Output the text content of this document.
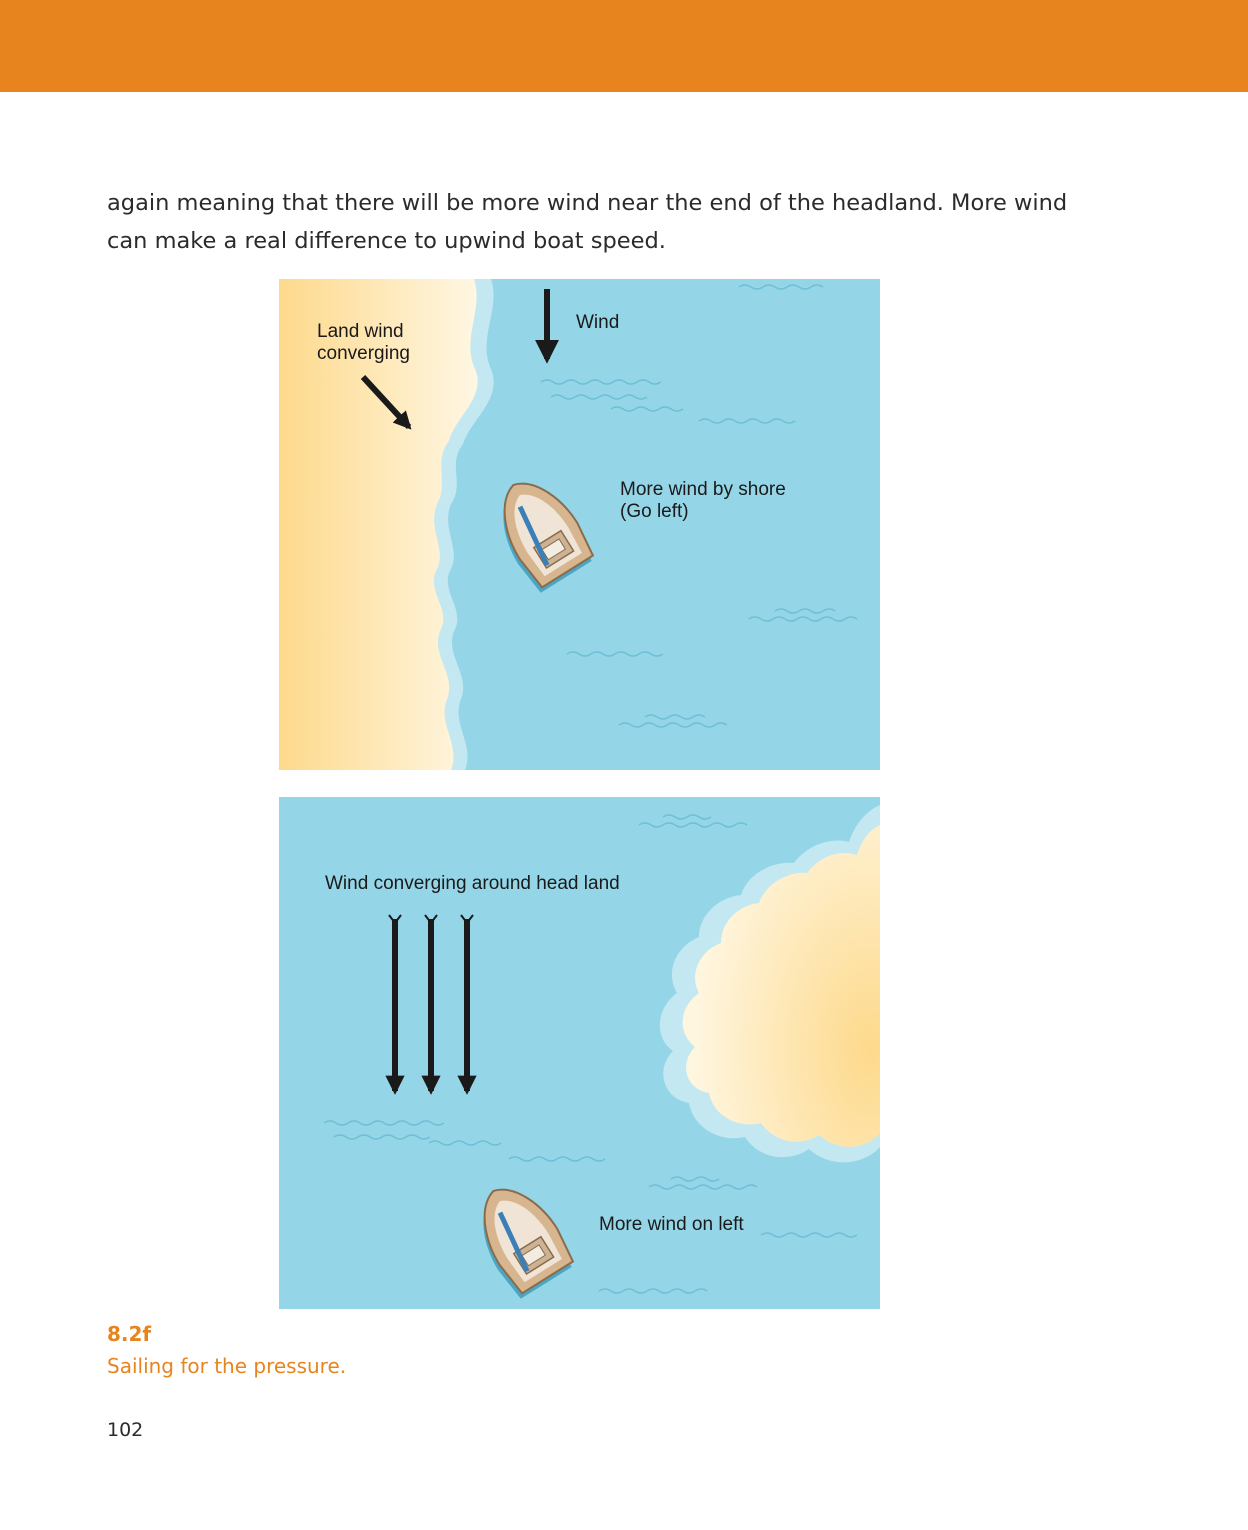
again meaning that there will be more wind near the end of the headland. More wind
can make a real difference to upwind boat speed.

Land wind
converging
Wind
More wind by shore
(Go left)
Wind converging around head land
More wind on left
8.2f
Sailing for the pressure.
102
